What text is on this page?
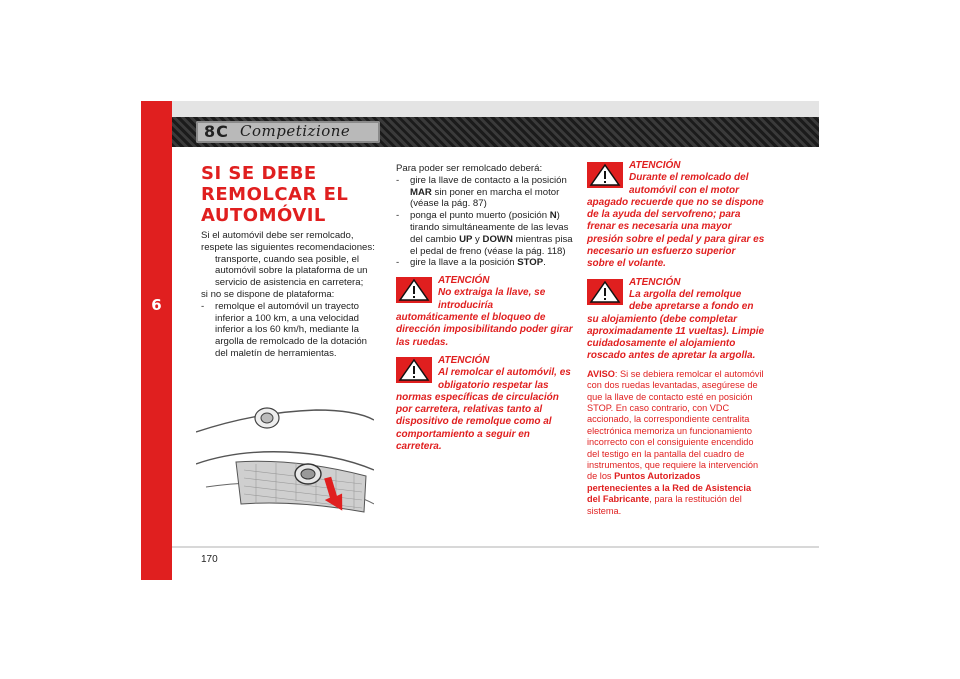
6
8C Competizione
SI SE DEBE
REMOLCAR EL
AUTOMÓVIL

Si el automóvil debe ser remolcado, respete las siguientes recomendaciones:

transporte, cuando sea posible, el automóvil sobre la plataforma de un servicio de asistencia en carretera;

si no se dispone de plataforma:

- remolque el automóvil un trayecto inferior a 100 km, a una velocidad inferior a los 60 km/h, mediante la argolla de remolcado de la dotación del maletín de herramientas.

Para poder ser remolcado deberá:

- gire la llave de contacto a la posición MAR sin poner en marcha el motor (véase la pág. 87)

- ponga el punto muerto (posición N) tirando simultáneamente de las levas del cambio UP y DOWN mientras pisa el pedal de freno (véase la pág. 118)

- gire la llave a la posición STOP.

ATENCIÓN
No extraiga la llave, se introduciría automáticamente el bloqueo de dirección imposibilitando poder girar las ruedas.
ATENCIÓN
Al remolcar el automóvil, es obligatorio respetar las normas específicas de circulación por carretera, relativas tanto al dispositivo de remolque como al comportamiento a seguir en carretera.
ATENCIÓN
Durante el remolcado del automóvil con el motor apagado recuerde que no se dispone de la ayuda del servofreno; para frenar es necesaria una mayor presión sobre el pedal y para girar es necesario un esfuerzo superior sobre el volante.
ATENCIÓN
La argolla del remolque debe apretarse a fondo en su alojamiento (debe completar aproximadamente 11 vueltas). Limpie cuidadosamente el alojamiento roscado antes de apretar la argolla.
AVISO: Si se debiera remolcar el automóvil con dos ruedas levantadas, asegúrese de que la llave de contacto esté en posición STOP. En caso contrario, con VDC accionado, la correspondiente centralita electrónica memoriza un funcionamiento incorrecto con el consiguiente encendido del testigo en la pantalla del cuadro de instrumentos, que requiere la intervención de los Puntos Autorizados pertenecientes a la Red de Asistencia del Fabricante, para la restitución del sistema.
170
